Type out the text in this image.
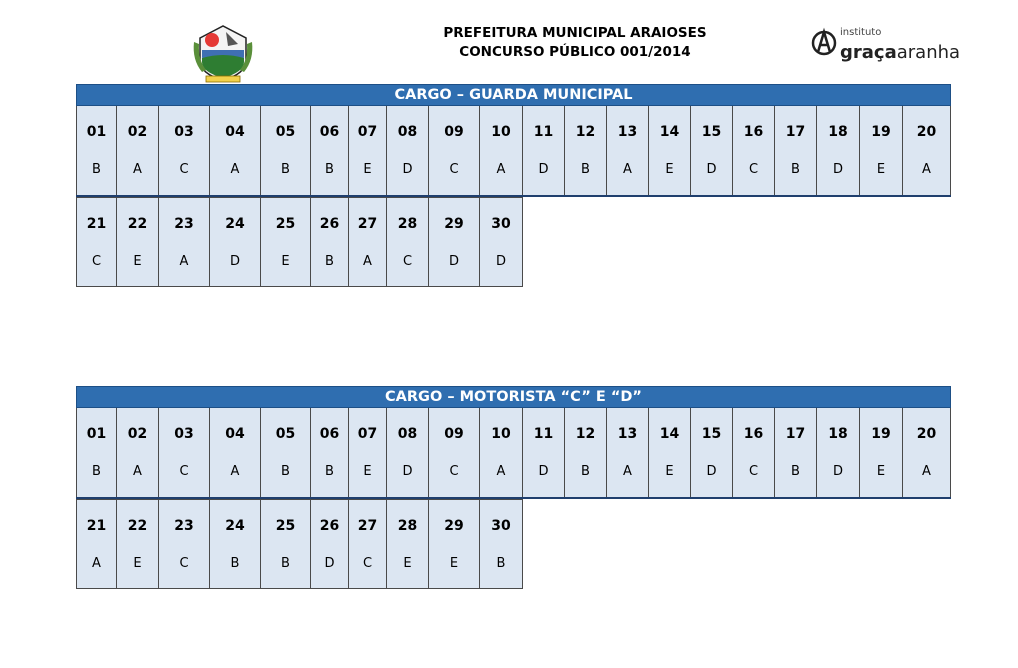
PREFEITURA MUNICIPAL ARAIOSES
CONCURSO PÚBLICO 001/2014
instituto
graçaaranha
CARGO – GUARDA MUNICIPAL
01
B
02
A
03
C
04
A
05
B
06
B
07
E
08
D
09
C
10
A
11
D
12
B
13
A
14
E
15
D
16
C
17
B
18
D
19
E
20
A
21
C
22
E
23
A
24
D
25
E
26
B
27
A
28
C
29
D
30
D
CARGO – MOTORISTA “C” E “D”
01
B
02
A
03
C
04
A
05
B
06
B
07
E
08
D
09
C
10
A
11
D
12
B
13
A
14
E
15
D
16
C
17
B
18
D
19
E
20
A
21
A
22
E
23
C
24
B
25
B
26
D
27
C
28
E
29
E
30
B
